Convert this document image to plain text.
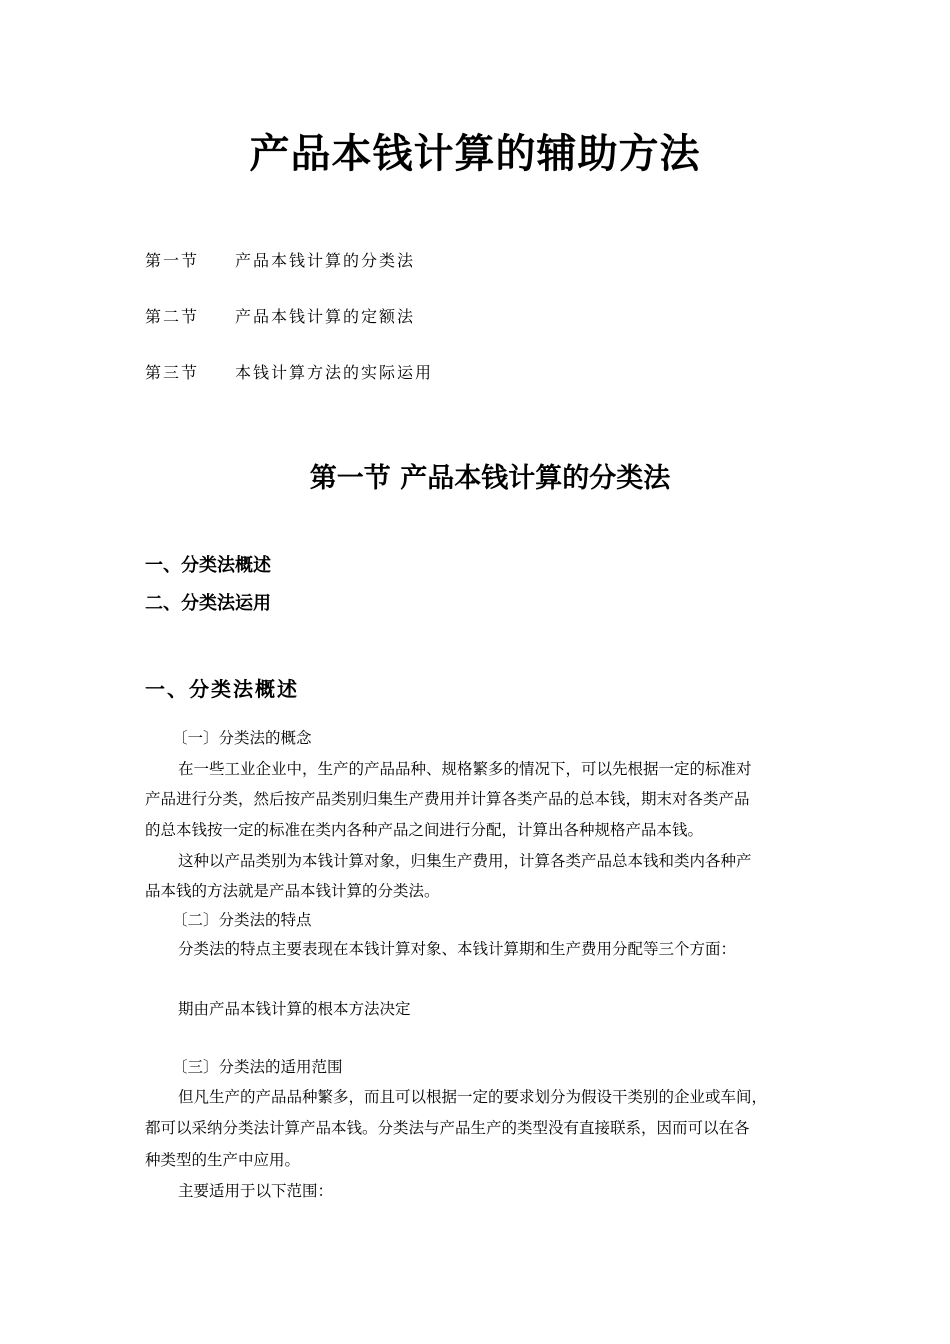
产品本钱计算的辅助方法
第一节 产品本钱计算的分类法
第二节 产品本钱计算的定额法
第三节 本钱计算方法的实际运用
第一节 产品本钱计算的分类法
一、分类法概述
二、分类法运用
一、分类法概述
〔一〕分类法的概念
在一些工业企业中，生产的产品品种、规格繁多的情况下，可以先根据一定的标准对
产品进行分类，然后按产品类别归集生产费用并计算各类产品的总本钱，期末对各类产品
的总本钱按一定的标准在类内各种产品之间进行分配，计算出各种规格产品本钱。
这种以产品类别为本钱计算对象，归集生产费用，计算各类产品总本钱和类内各种产
品本钱的方法就是产品本钱计算的分类法。
〔二〕分类法的特点
分类法的特点主要表现在本钱计算对象、本钱计算期和生产费用分配等三个方面：
期由产品本钱计算的根本方法决定
〔三〕分类法的适用范围
但凡生产的产品品种繁多，而且可以根据一定的要求划分为假设干类别的企业或车间，
都可以采纳分类法计算产品本钱。分类法与产品生产的类型没有直接联系，因而可以在各
种类型的生产中应用。
主要适用于以下范围：
